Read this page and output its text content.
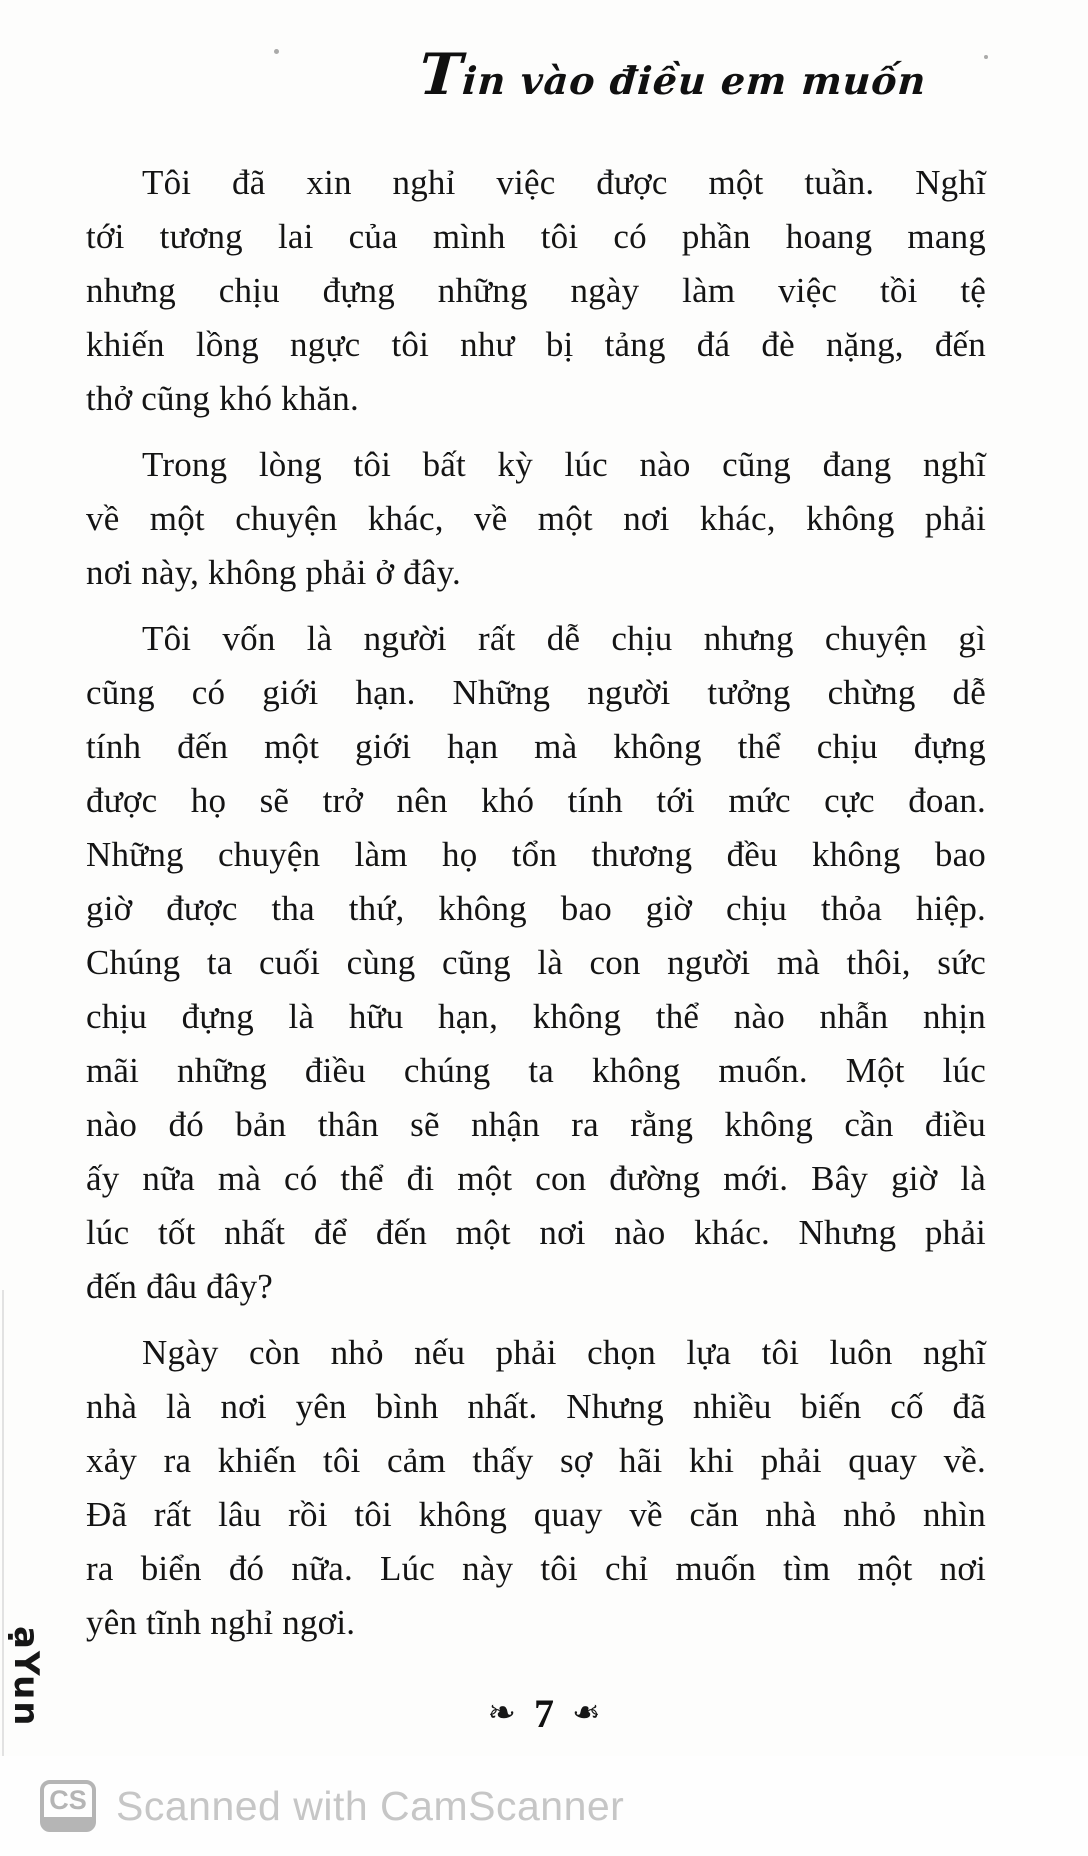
Tin vào điều em muốn
Tôi đã xin nghỉ việc được một tuần. Nghĩ
tới tương lai của mình tôi có phần hoang mang
nhưng chịu đựng những ngày làm việc tồi tệ
khiến lồng ngực tôi như bị tảng đá đè nặng, đến
thở cũng khó khăn.
Trong lòng tôi bất kỳ lúc nào cũng đang nghĩ
về một chuyện khác, về một nơi khác, không phải
nơi này, không phải ở đây.
Tôi vốn là người rất dễ chịu nhưng chuyện gì
cũng có giới hạn. Những người tưởng chừng dễ
tính đến một giới hạn mà không thể chịu đựng
được họ sẽ trở nên khó tính tới mức cực đoan.
Những chuyện làm họ tổn thương đều không bao
giờ được tha thứ, không bao giờ chịu thỏa hiệp.
Chúng ta cuối cùng cũng là con người mà thôi, sức
chịu đựng là hữu hạn, không thể nào nhẫn nhịn
mãi những điều chúng ta không muốn. Một lúc
nào đó bản thân sẽ nhận ra rằng không cần điều
ấy nữa mà có thể đi một con đường mới. Bây giờ là
lúc tốt nhất để đến một nơi nào khác. Nhưng phải
đến đâu đây?
Ngày còn nhỏ nếu phải chọn lựa tôi luôn nghĩ
nhà là nơi yên bình nhất. Nhưng nhiều biến cố đã
xảy ra khiến tôi cảm thấy sợ hãi khi phải quay về.
Đã rất lâu rồi tôi không quay về căn nhà nhỏ nhìn
ra biển đó nữa. Lúc này tôi chỉ muốn tìm một nơi
yên tĩnh nghỉ ngơi.
❧ 7 ❧
ạYun
CS Scanned with CamScanner
